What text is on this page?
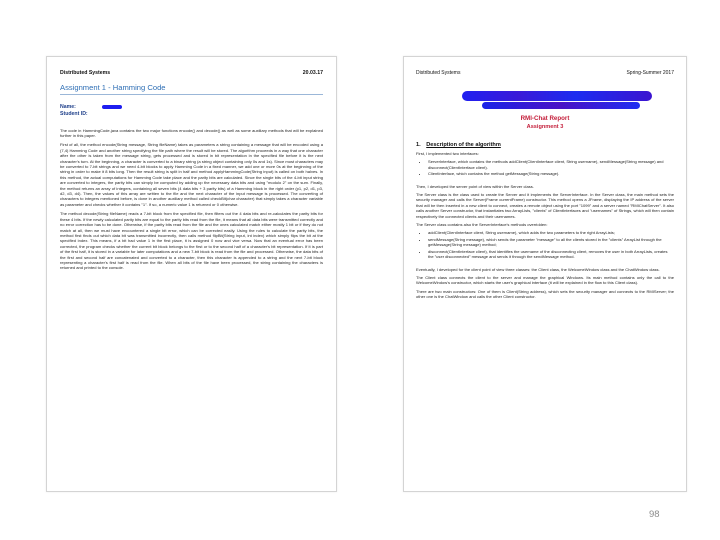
Distributed Systems	20.03.17
Assignment 1 - Hamming Code
Name:
Student ID:

The code in HammingCode.java contains the two major functions encode() and decode() as well as some auxiliary methods that will be explained further in this paper.

First of all, the method encode(String message, String fileName) takes as parameters a string containing a message that will be encoded using a (7,4) Hamming Code and another string specifying the file path where the result will be stored. The algorithm proceeds in a way that one character after the other is taken from the message string, gets processed and is stored in bit representation in the specified file before it is the next character's turn. At the beginning, a character is converted to a binary string (a string object containing only 0s and 1s). Since most characters may be converted to 7-bit strings and we need 4-bit blocks to apply Hamming Code in a fixed manner, we add one or more 0s at the beginning of the string in order to make it 8 bits long. Then the result string is split in half and method applyHammingCode(String input) is called on both halves. In this method, the actual computations for Hamming Code take place and the parity bits are calculated. Since the single bits of the 4-bit input string are converted to integers, the parity bits can simply be computed by adding up the necessary data bits and using "modulo 2" on the sum. Finally, the method returns an array of integers, containing all seven bits (4 data bits + 3 parity bits) of a Hamming block in the right order (p1, p2, d1, p3, d2, d3, d4). Then, the values of this array are written to the file and the next character of the input message is processed. The converting of characters to integers mentioned before, is done in another auxiliary method called checkBit(char character) that simply takes a character variable as parameter and checks whether it contains "1". If so, a numeric value 1 is returned or 0 otherwise.

The method decode(String fileName) reads a 7-bit block from the specified file, then filters out the 4 data bits and re-calculates the parity bits for these 4 bits. If the newly calculated parity bits are equal to the parity bits read from the file, it means that all data bits were transmitted correctly and no error correction has to be done. Otherwise, if the parity bits read from the file and the ones calculated match either mostly 1 bit or if they do not match at all, then we must have encountered a single bit error, which can be corrected easily. Using the rules to calculate the parity bits, the method first finds out which data bit was transmitted incorrectly, then calls method flipBit(String input, int index) which simply flips the bit at the specified index. This means, if a bit had value 1 in the first place, it is assigned 0 now and vice versa. Now that an eventual error has been corrected, the program checks whether the current bit block belongs to the first or to the second half of a character's bit representation. If it is part of the first half, it is stored in a variable for later computations and a new 7-bit block is read from the file and processed. Otherwise, the data bits of the first and second half are concatenated and converted to a character, then this character is appended to a string and the next 7-bit block representing a character's first half is read from the file. When all bits of the file have been processed, the string containing the characters is returned and printed to the console.

Distributed Systems	Spring-Summer 2017
RMI-Chat Report
Assignment 3
1. Description of the algorithm

First, I implemented two interfaces:

• ServerInterface, which contains the methods addClient(ClientInterface client, String username), sendMessage(String message) and disconnect(ClientInterface client).
• ClientInterface, which contains the method getMessage(String message).

Then, I developed the server point of view within the Server class.

The Server class is the class used to create the Server and it implements the ServerInterface. In the Server class, the main method sets the security manager and calls the Server(Frame currentFrame) constructor. This method opens a JFrame, displaying the IP address of the server that will be then inserted in a new client to connect, creates a remote object using the port "1099" and a server named "RMIChatServer". It also calls another Server constructor, that instantiates two ArrayLists, "clients" of ClientInterfaces and "usernames" of Strings, which will then contain respectively the connected clients and their usernames.

The Server class contains also the ServerInterface's methods overridden:

• addClient(ClientInterface client, String username), which adds the two parameters to the right ArrayLists;
• sendMessage(String message), which sends the parameter "message" to all the clients stored in the "clients" ArrayList through the getMessage(String message) method;
• disconnect(ClientInterface client), that identifies the username of the disconnecting client, removes the user in both ArrayLists, creates the "user disconnected" message and sends it through the sendMessage method.

Eventually, I developed for the client point of view three classes: the Client class, the WelcomeWindow class and the ChatWindow class.

The Client class connects the client to the server and manage the graphical Windows. Its main method contains only the call to the WelcomeWindow's constructor, which starts the user's graphical interface (it will be explained in the flow to this Client class).

There are two main constructors: One of them is Client(String address), which sets the security manager and connects to the RMIServer; the other one is the ChatWindow and calls the other Client constructor.

98
